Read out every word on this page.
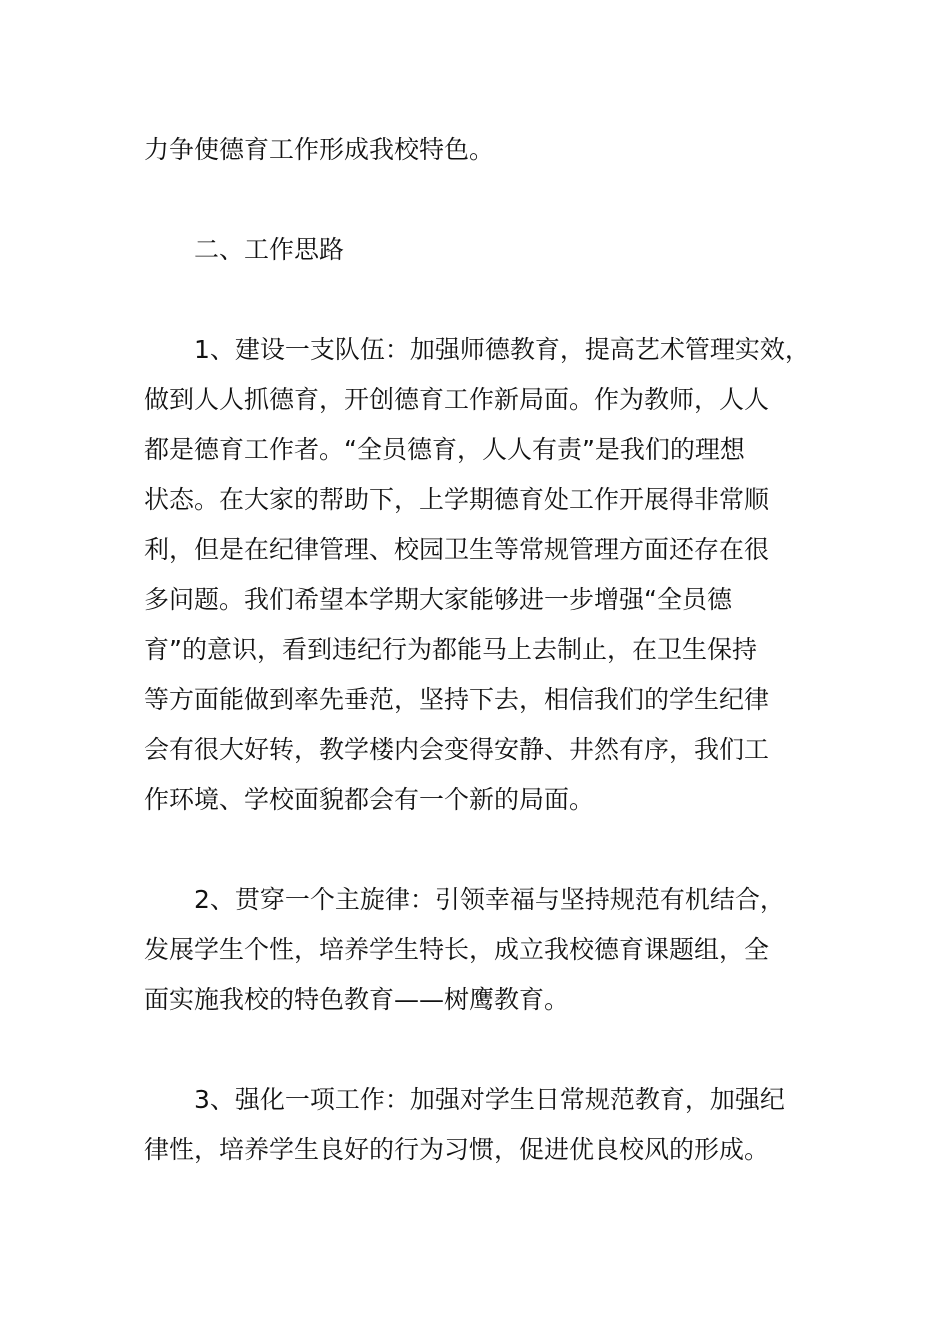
力争使德育工作形成我校特色。
二、工作思路
1、建设一支队伍：加强师德教育，提高艺术管理实效，
做到人人抓德育，开创德育工作新局面。作为教师，人人
都是德育工作者。“全员德育，人人有责”是我们的理想
状态。在大家的帮助下，上学期德育处工作开展得非常顺
利，但是在纪律管理、校园卫生等常规管理方面还存在很
多问题。我们希望本学期大家能够进一步增强“全员德
育”的意识，看到违纪行为都能马上去制止，在卫生保持
等方面能做到率先垂范，坚持下去，相信我们的学生纪律
会有很大好转，教学楼内会变得安静、井然有序，我们工
作环境、学校面貌都会有一个新的局面。
2、贯穿一个主旋律：引领幸福与坚持规范有机结合，
发展学生个性，培养学生特长，成立我校德育课题组，全
面实施我校的特色教育——树鹰教育。
3、强化一项工作：加强对学生日常规范教育，加强纪
律性，培养学生良好的行为习惯，促进优良校风的形成。
